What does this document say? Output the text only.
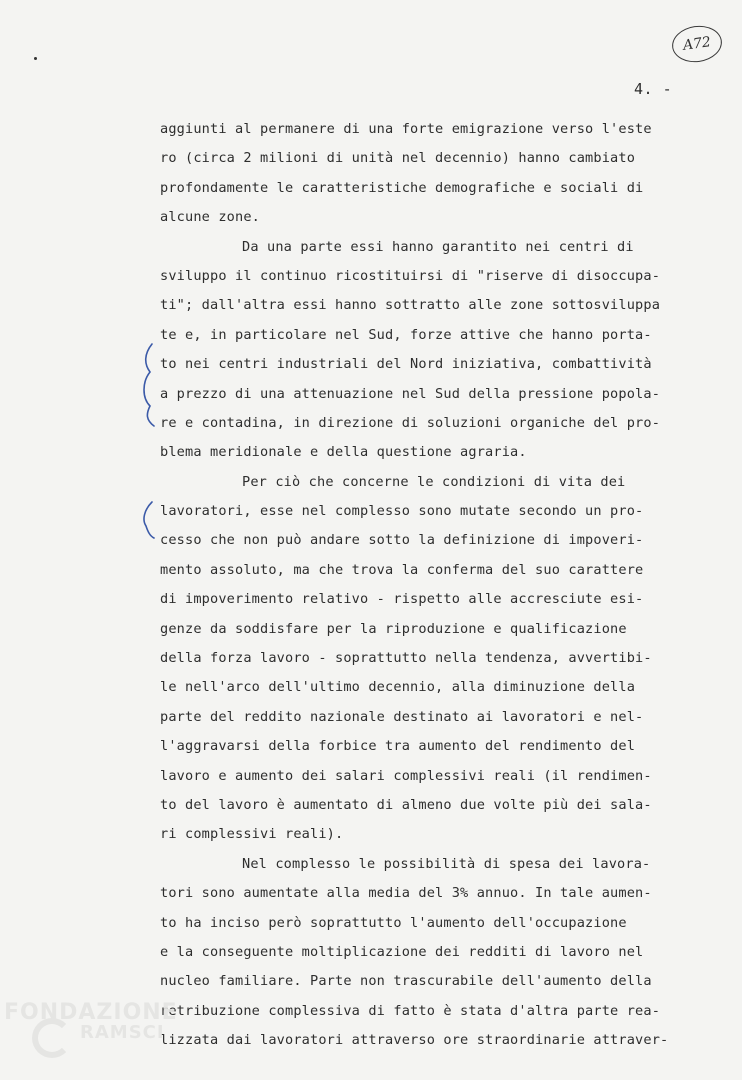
A72
4. -
aggiunti al permanere di una forte emigrazione verso l'este
ro (circa 2 milioni di unità nel decennio) hanno cambiato
profondamente le caratteristiche demografiche e sociali di
alcune zone.
Da una parte essi hanno garantito nei centri di
sviluppo il continuo ricostituirsi di "riserve di disoccupa-
ti"; dall'altra essi hanno sottratto alle zone sottosviluppa
te e, in particolare nel Sud, forze attive che hanno porta-
to nei centri industriali del Nord iniziativa, combattività
a prezzo di una attenuazione nel Sud della pressione popola-
re e contadina, in direzione di soluzioni organiche del pro-
blema meridionale e della questione agraria.
Per ciò che concerne le condizioni di vita dei
lavoratori, esse nel complesso sono mutate secondo un pro-
cesso che non può andare sotto la definizione di impoveri-
mento assoluto, ma che trova la conferma del suo carattere
di impoverimento relativo - rispetto alle accresciute esi-
genze da soddisfare per la riproduzione e qualificazione
della forza lavoro - soprattutto nella tendenza, avvertibi-
le nell'arco dell'ultimo decennio, alla diminuzione della
parte del reddito nazionale destinato ai lavoratori e nel-
l'aggravarsi della forbice tra aumento del rendimento del
lavoro e aumento dei salari complessivi reali (il rendimen-
to del lavoro è aumentato di almeno due volte più dei sala-
ri complessivi reali).
Nel complesso le possibilità di spesa dei lavora-
tori sono aumentate alla media del 3% annuo. In tale aumen-
to ha inciso però soprattutto l'aumento dell'occupazione
e la conseguente moltiplicazione dei redditi di lavoro nel
nucleo familiare. Parte non trascurabile dell'aumento della
retribuzione complessiva di fatto è stata d'altra parte rea-
lizzata dai lavoratori attraverso ore straordinarie attraver-
FONDAZIONE
RAMSCI
